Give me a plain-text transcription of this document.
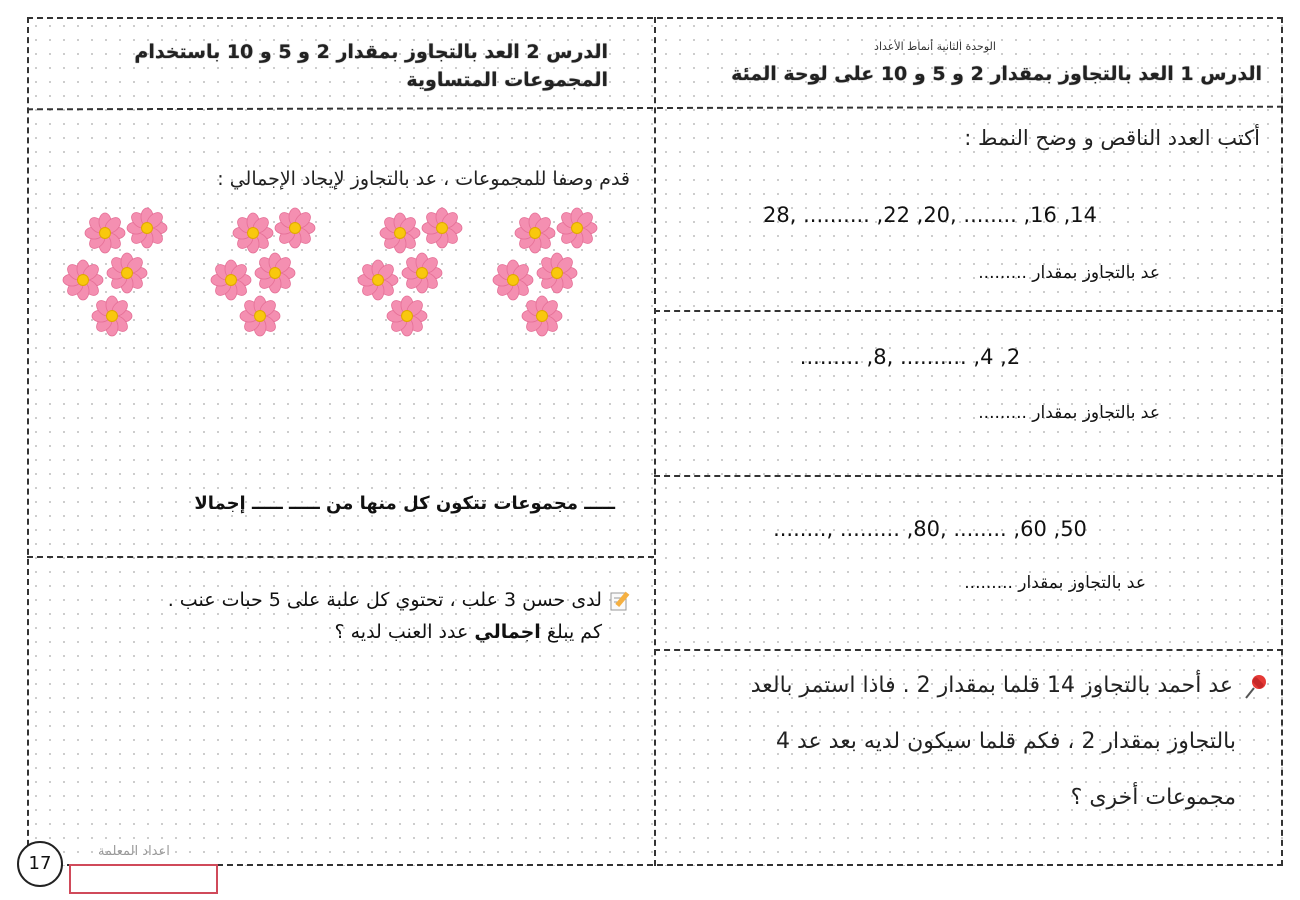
الوحدة الثانية أنماط الأعداد
الدرس 1 العد بالتجاوز بمقدار 2 و 5 و 10 على لوحة المئة
الدرس 2 العد بالتجاوز بمقدار 2 و 5 و 10 باستخدام
المجموعات المتساوية
أكتب العدد الناقص و وضح النمط :
14, 16, ........ ,20, 22, .......... ,28
عد بالتجاوز بمقدار .........
2, 4, .......... ,8, .........
عد بالتجاوز بمقدار .........
50, 60, ........ ,80, ......... ,........
عد بالتجاوز بمقدار .........
عد أحمد بالتجاوز 14 قلما بمقدار 2 . فاذا استمر بالعد
بالتجاوز بمقدار 2 ، فكم قلما سيكون لديه بعد عد 4
مجموعات أخرى ؟
قدم وصفا للمجموعات ، عد بالتجاوز لإيجاد الإجمالي :
ـــــ مجموعات تتكون كل منها من ـــــ ـــــ إجمالا
لدى حسن 3 علب ، تحتوي كل علبة على 5 حبات عنب .
كم يبلغ اجمالي عدد العنب لديه ؟
17
اعداد المعلمة
